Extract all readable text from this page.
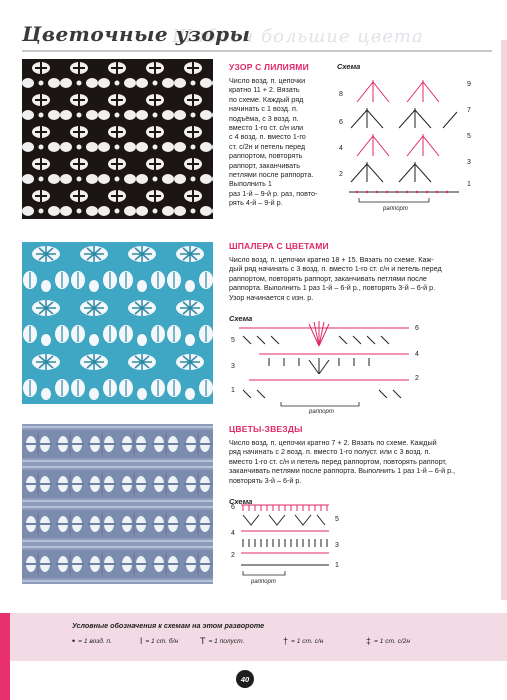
Шаблон большие цвета
Цветочные узоры
УЗОР С ЛИЛИЯМИ
Число возд. п. цепочки
кратно 11 + 2. Вязать
по схеме. Каждый ряд
начинать с 1 возд. п.
подъёма, с 3 возд. п.
вместо 1-го ст. с/н или
с 4 возд. п. вместо 1-го
ст. с/2н и петель перед
раппортом, повторять
раппорт, заканчивать
петлями после раппорта.
Выполнить 1
раз 1-й – 9-й р. раз, повто-
рять 4-й – 9-й р.
Схема
8
6
4
2
9
7
5
3
1
раппорт
ШПАЛЕРА С ЦВЕТАМИ
Число возд. п. цепочки кратно 18 + 15. Вязать по схеме. Каж-
дый ряд начинать с 3 возд. п. вместо 1-го ст. с/н и петель перед
раппортом, повторять раппорт, заканчивать петлями после
раппорта. Выполнить 1 раз 1-й – 6-й р., повторять 3-й – 6-й р.
Узор начинается с изн. р.
Схема
5
3
1
6
4
2
раппорт
ЦВЕТЫ-ЗВЕЗДЫ
Число возд. п. цепочки кратно 7 + 2. Вязать по схеме. Каждый
ряд начинать с 2 возд. п. вместо 1-го полуст. или с 3 возд. п.
вместо 1-го ст. с/н и петель перед раппортом, повторять раппорт,
заканчивать петлями после раппорта. Выполнить 1 раз 1-й – 6-й р.,
повторять 3-й – 6-й р.
Схема
6
4
2
5
3
1
раппорт
Условные обозначения к схемам на этом развороте
• = 1 возд. п.	ǀ = 1 ст. б/н T = 1 полуст.	† = 1 ст. с/н	‡ = 1 ст. с/2н
40
